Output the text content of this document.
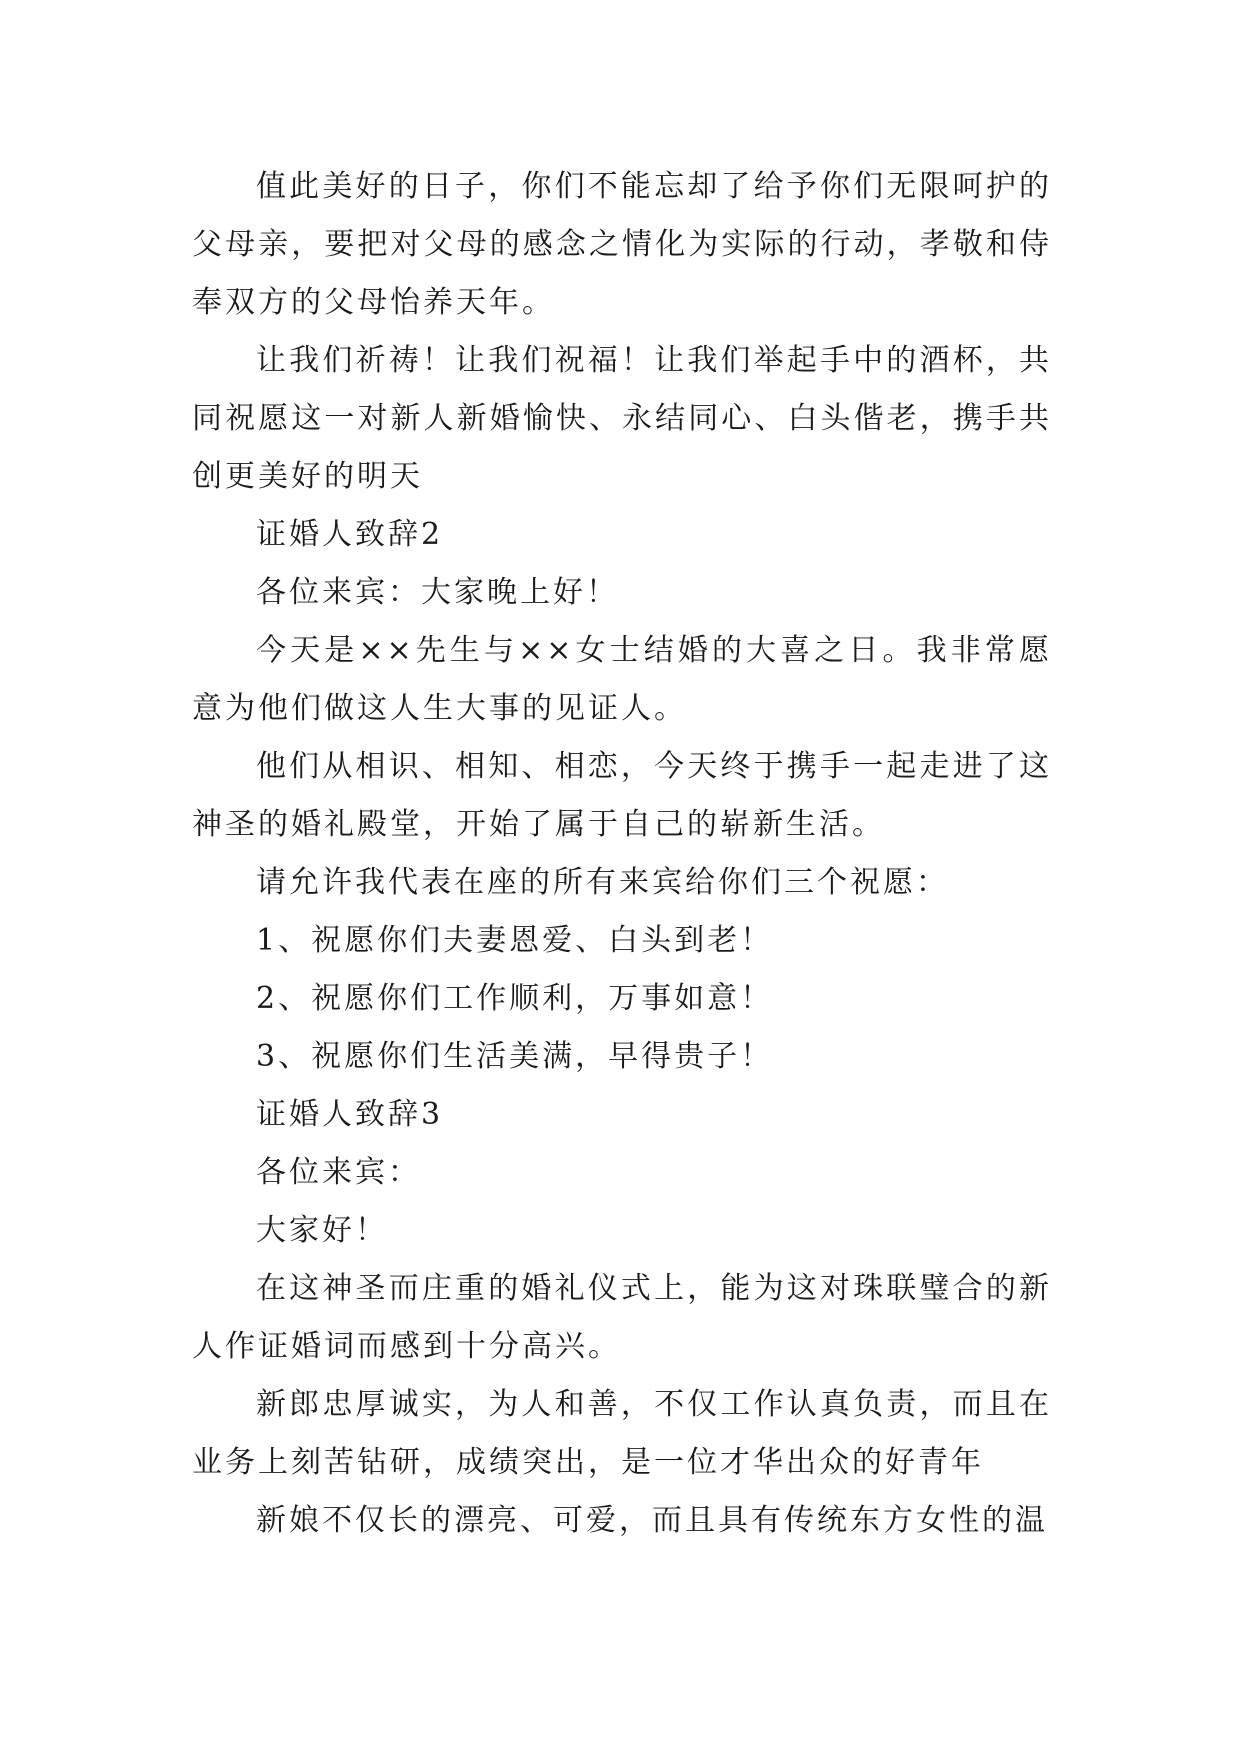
值此美好的日子，你们不能忘却了给予你们无限呵护的父母亲，要把对父母的感念之情化为实际的行动，孝敬和侍奉双方的父母怡养天年。

让我们祈祷！让我们祝福！让我们举起手中的酒杯，共同祝愿这一对新人新婚愉快、永结同心、白头偕老，携手共创更美好的明天

证婚人致辞2

各位来宾：大家晚上好！

今天是××先生与××女士结婚的大喜之日。我非常愿意为他们做这人生大事的见证人。

他们从相识、相知、相恋，今天终于携手一起走进了这神圣的婚礼殿堂，开始了属于自己的崭新生活。

请允许我代表在座的所有来宾给你们三个祝愿：

1、祝愿你们夫妻恩爱、白头到老！

2、祝愿你们工作顺利，万事如意！

3、祝愿你们生活美满，早得贵子！

证婚人致辞3

各位来宾：

大家好！

在这神圣而庄重的婚礼仪式上，能为这对珠联璧合的新人作证婚词而感到十分高兴。

新郎忠厚诚实，为人和善，不仅工作认真负责，而且在业务上刻苦钻研，成绩突出，是一位才华出众的好青年

新娘不仅长的漂亮、可爱，而且具有传统东方女性的温
